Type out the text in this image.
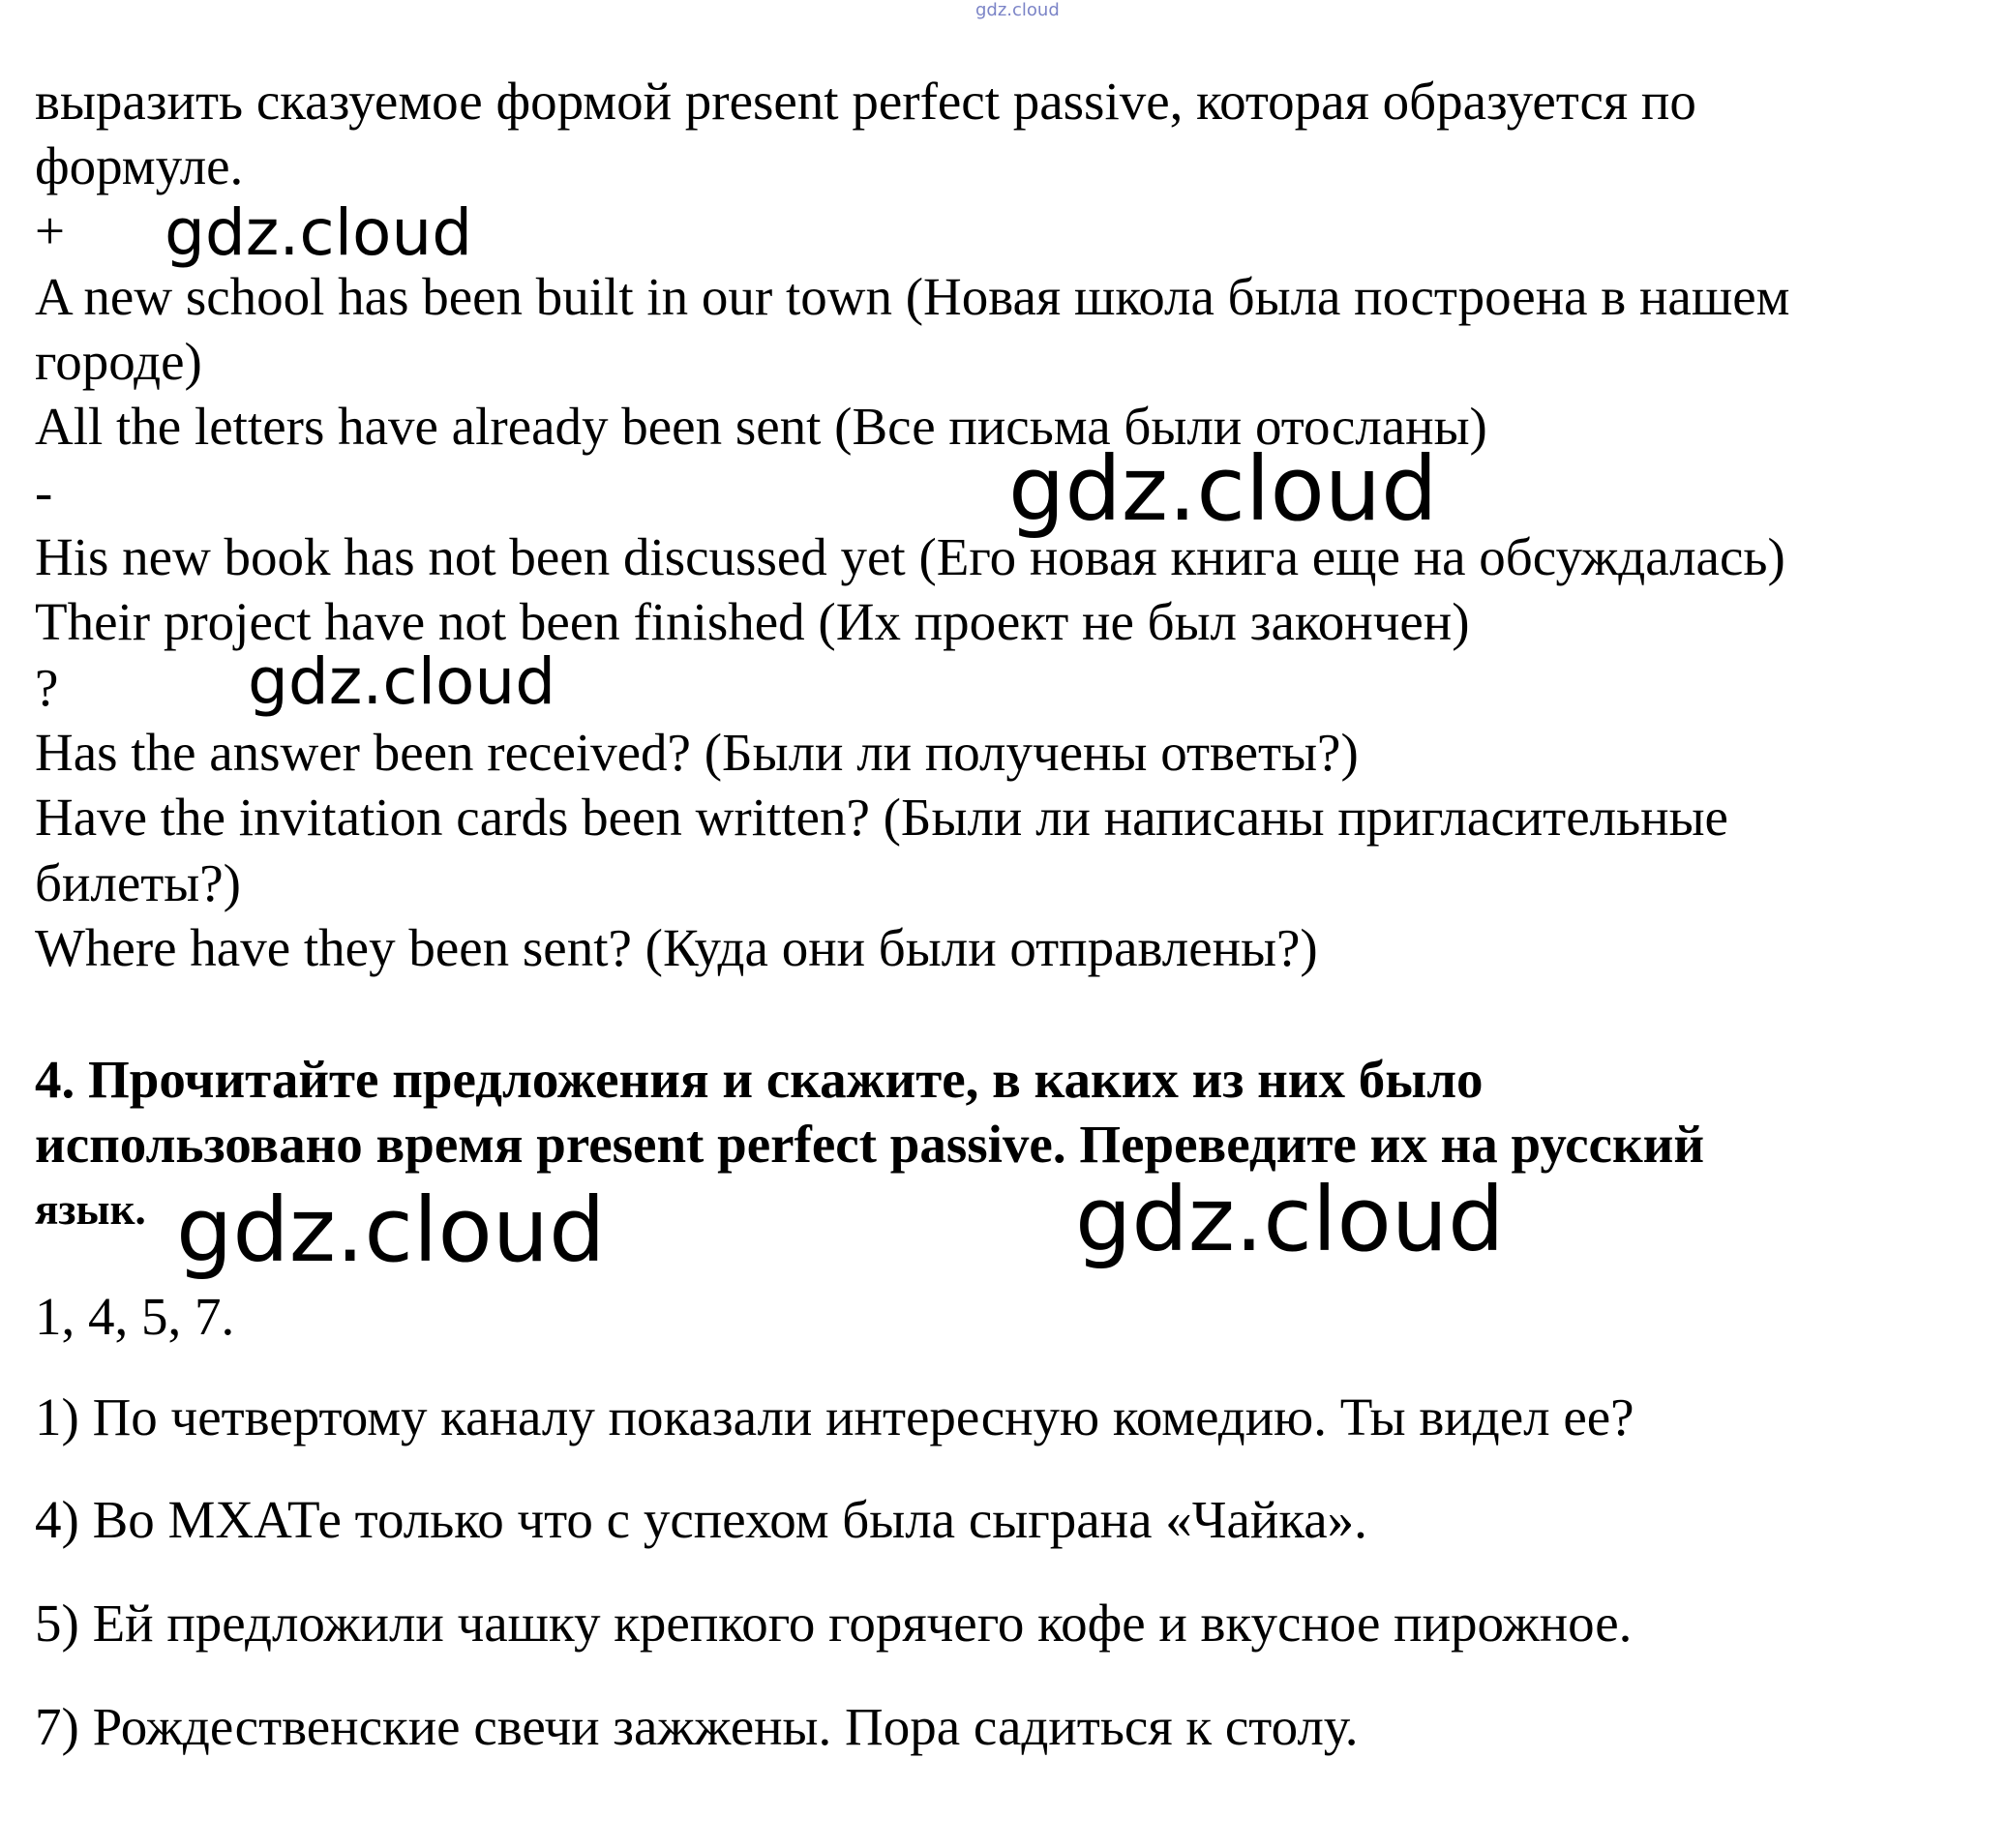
gdz.cloud
выразить сказуемое формой present perfect passive, которая образуется по
формуле.
+
A new school has been built in our town (Новая школа была построена в нашем
городе)
All the letters have already been sent (Все письма были отосланы)
-
His new book has not been discussed yet (Его новая книга еще на обсуждалась)
Their project have not been finished (Их проект не был закончен)
?
Has the answer been received? (Были ли получены ответы?)
Have the invitation cards been written? (Были ли написаны пригласительные
билеты?)
Where have they been sent? (Куда они были отправлены?)
4. Прочитайте предложения и скажите, в каких из них было
использовано время present perfect passive. Переведите их на русский
язык.
1, 4, 5, 7.
1) По четвертому каналу показали интересную комедию. Ты видел ее?
4) Во МХАТе только что с успехом была сыграна «Чайка».
5) Ей предложили чашку крепкого горячего кофе и вкусное пирожное.
7) Рождественские свечи зажжены. Пора садиться к столу.
gdz.cloud
gdz.cloud
gdz.cloud
gdz.cloud	gdz.cloud
